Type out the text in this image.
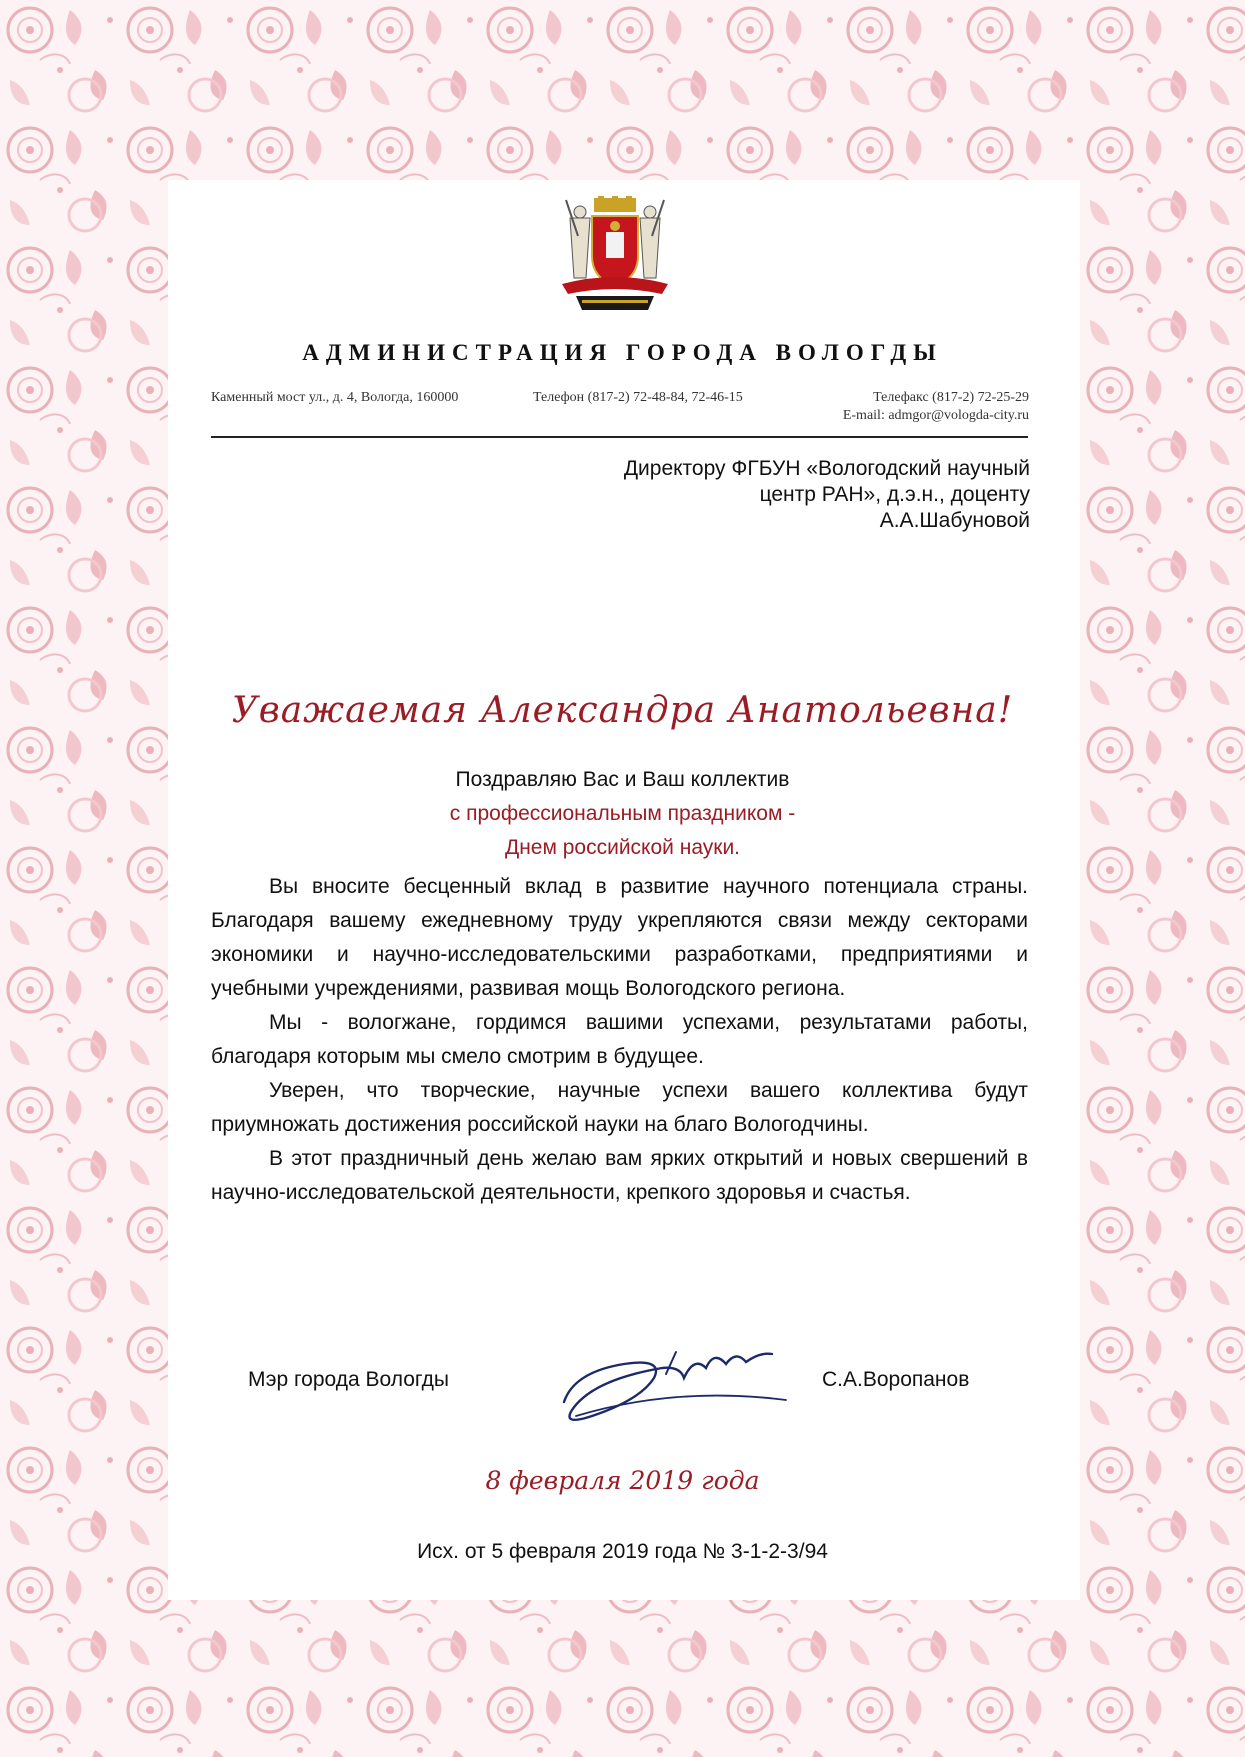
АДМИНИСТРАЦИЯ ГОРОДА ВОЛОГДЫ
Каменный мост ул., д. 4, Вологда, 160000	Телефон (817-2) 72-48-84, 72-46-15	Телефакс (817-2) 72-25-29
E-mail: admgor@vologda-city.ru
Директору ФГБУН «Вологодский научный
центр РАН», д.э.н., доценту
А.А.Шабуновой
Уважаемая Александра Анатольевна!
Поздравляю Вас и Ваш коллектив
с профессиональным праздником -
Днем российской науки.

Вы вносите бесценный вклад в развитие научного потенциала страны. Благодаря вашему ежедневному труду укрепляются связи между секторами экономики и научно-исследовательскими разработками, предприятиями и учебными учреждениями, развивая мощь Вологодского региона.

Мы - вологжане, гордимся вашими успехами, результатами работы, благодаря которым мы смело смотрим в будущее.

Уверен, что творческие, научные успехи вашего коллектива будут приумножать достижения российской науки на благо Вологодчины.

В этот праздничный день желаю вам ярких открытий и новых свершений в научно-исследовательской деятельности, крепкого здоровья и счастья.

Мэр города Вологды	С.А.Воропанов
8 февраля 2019 года
Исх. от 5 февраля 2019 года № 3-1-2-3/94
